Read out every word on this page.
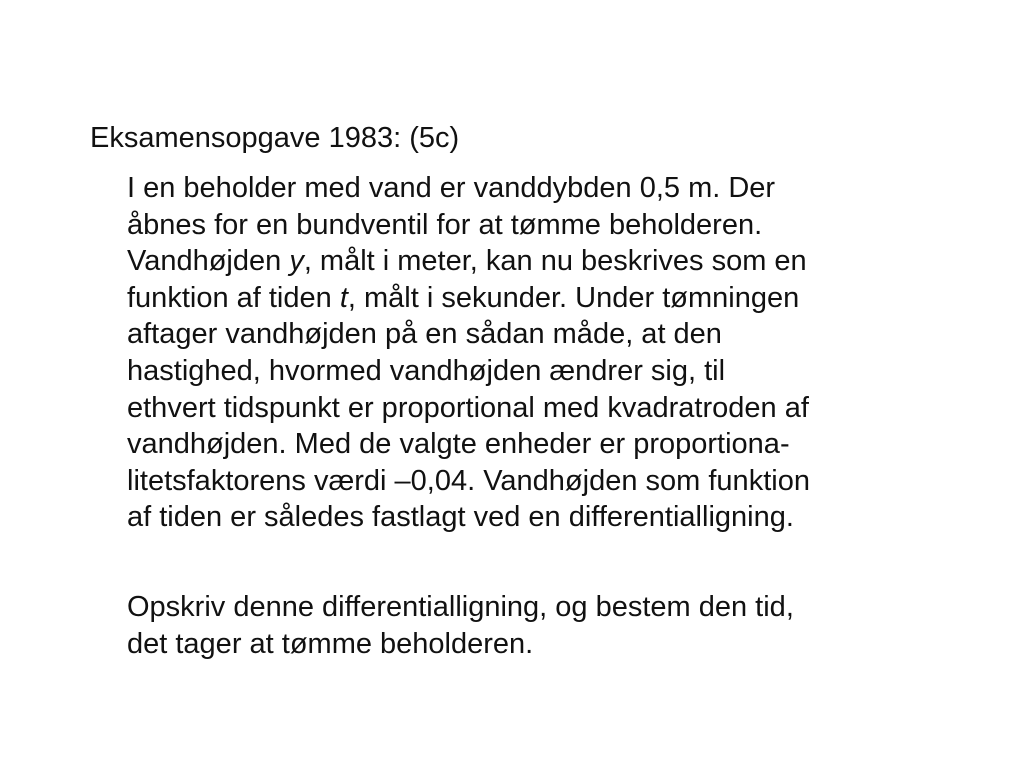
Eksamensopgave 1983: (5c)
I en beholder med vand er vanddybden 0,5 m. Der
åbnes for en bundventil for at tømme beholderen.
Vandhøjden y, målt i meter, kan nu beskrives som en
funktion af tiden t, målt i sekunder. Under tømningen
aftager vandhøjden på en sådan måde, at den
hastighed, hvormed vandhøjden ændrer sig, til
ethvert tidspunkt er proportional med kvadratroden af
vandhøjden. Med de valgte enheder er proportiona-
litetsfaktorens værdi –0,04. Vandhøjden som funktion
af tiden er således fastlagt ved en differentialligning.
Opskriv denne differentialligning, og bestem den tid,
det tager at tømme beholderen.
